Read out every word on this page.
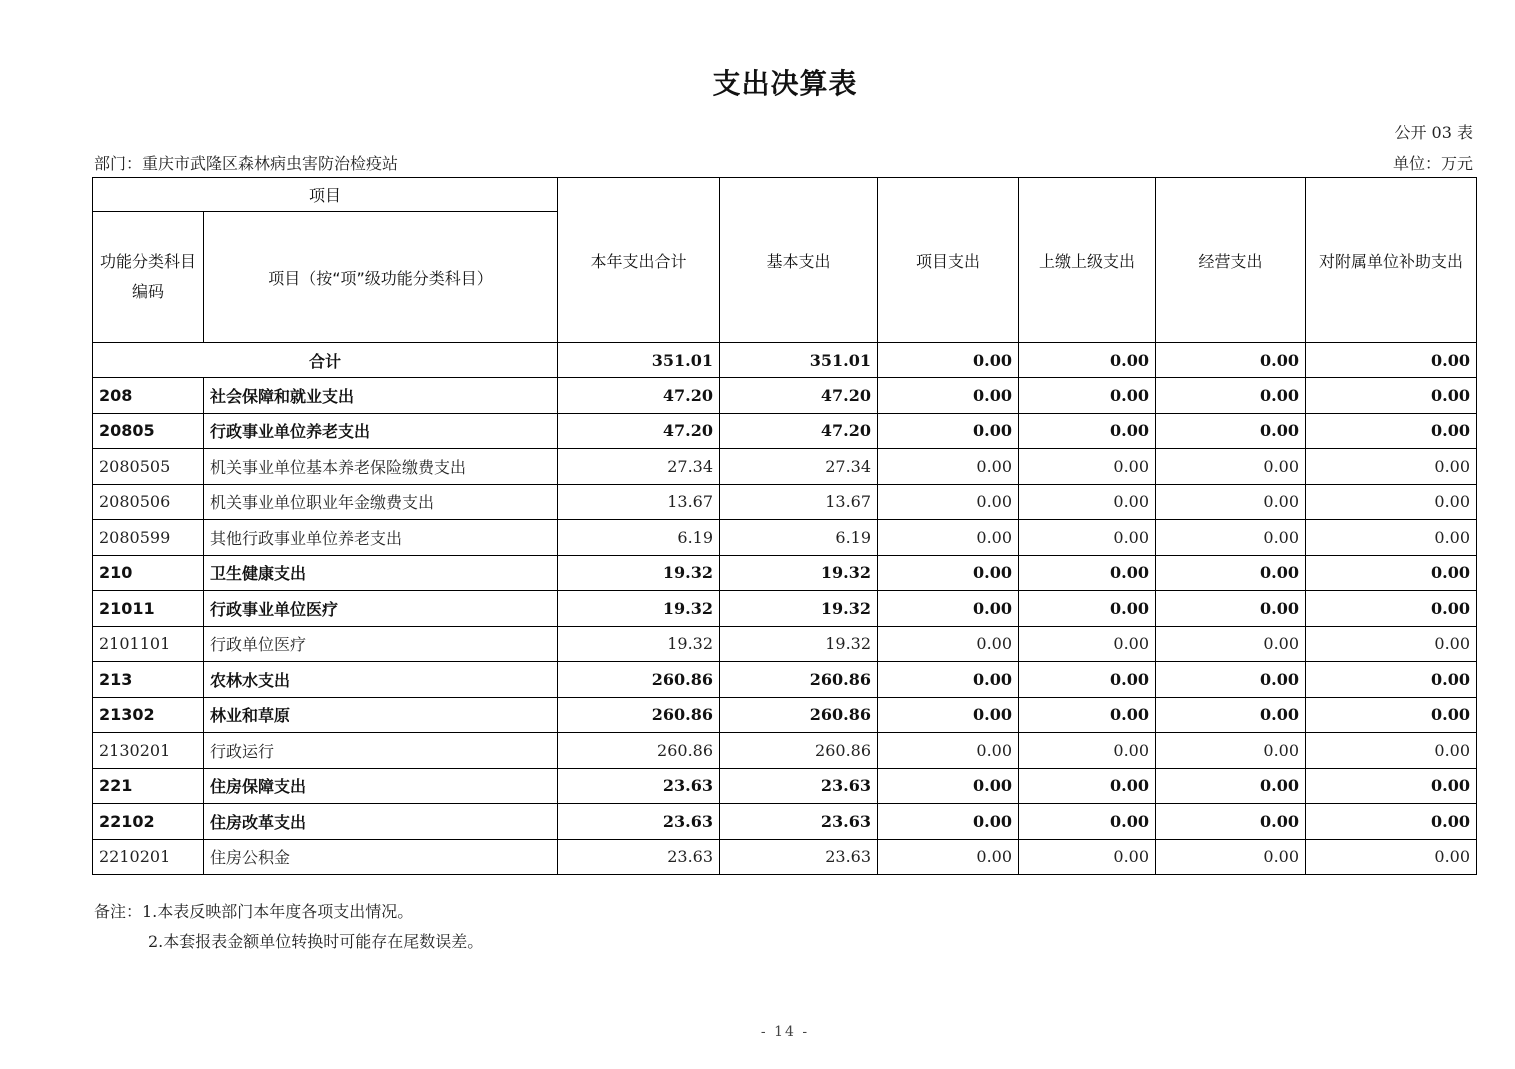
支出决算表
公开 03 表
部门：重庆市武隆区森林病虫害防治检疫站	单位：万元
项目		本年支出合计	基本支出	项目支出	上缴上级支出	经营支出	对附属单位补助支出
功能分类科目编码	项目（按“项”级功能分类科目）						
合计		351.01	351.01	0.00	0.00	0.00	0.00
208	社会保障和就业支出	47.20	47.20	0.00	0.00	0.00	0.00
20805	行政事业单位养老支出	47.20	47.20	0.00	0.00	0.00	0.00
2080505	机关事业单位基本养老保险缴费支出	27.34	27.34	0.00	0.00	0.00	0.00
2080506	机关事业单位职业年金缴费支出	13.67	13.67	0.00	0.00	0.00	0.00
2080599	其他行政事业单位养老支出	6.19	6.19	0.00	0.00	0.00	0.00
210	卫生健康支出	19.32	19.32	0.00	0.00	0.00	0.00
21011	行政事业单位医疗	19.32	19.32	0.00	0.00	0.00	0.00
2101101	行政单位医疗	19.32	19.32	0.00	0.00	0.00	0.00
213	农林水支出	260.86	260.86	0.00	0.00	0.00	0.00
21302	林业和草原	260.86	260.86	0.00	0.00	0.00	0.00
2130201	行政运行	260.86	260.86	0.00	0.00	0.00	0.00
221	住房保障支出	23.63	23.63	0.00	0.00	0.00	0.00
22102	住房改革支出	23.63	23.63	0.00	0.00	0.00	0.00
2210201	住房公积金	23.63	23.63	0.00	0.00	0.00	0.00
备注：1.本表反映部门本年度各项支出情况。
2.本套报表金额单位转换时可能存在尾数误差。
- 14 -
